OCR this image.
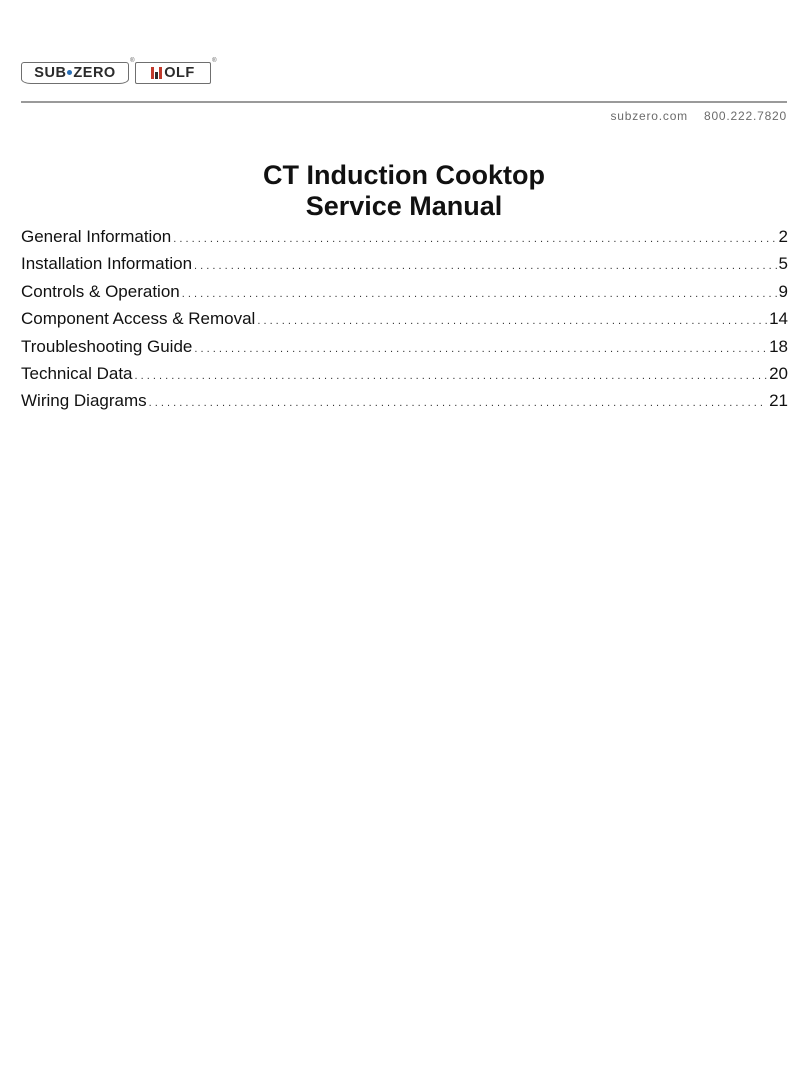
SUB ZERO
®
OLF
®
subzero.com 800.222.7820
CT Induction Cooktop
Service Manual
General Information . . .	2
Installation Information . . .	5
Controls & Operation . . .	9
Component Access & Removal . . .	14
Troubleshooting Guide . . .	18
Technical Data . . .	20
Wiring Diagrams . . .	21
